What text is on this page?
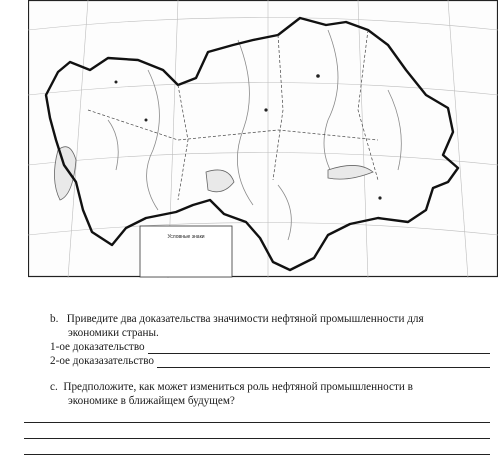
Условные знаки
b. Приведите два доказательства значимости нефтяной промышленности для
экономики страны.
1-ое доказательство
2-ое доказазательство
c. Предположите, как может измениться роль нефтяной промышленности в
экономике в ближайщем будущем?
